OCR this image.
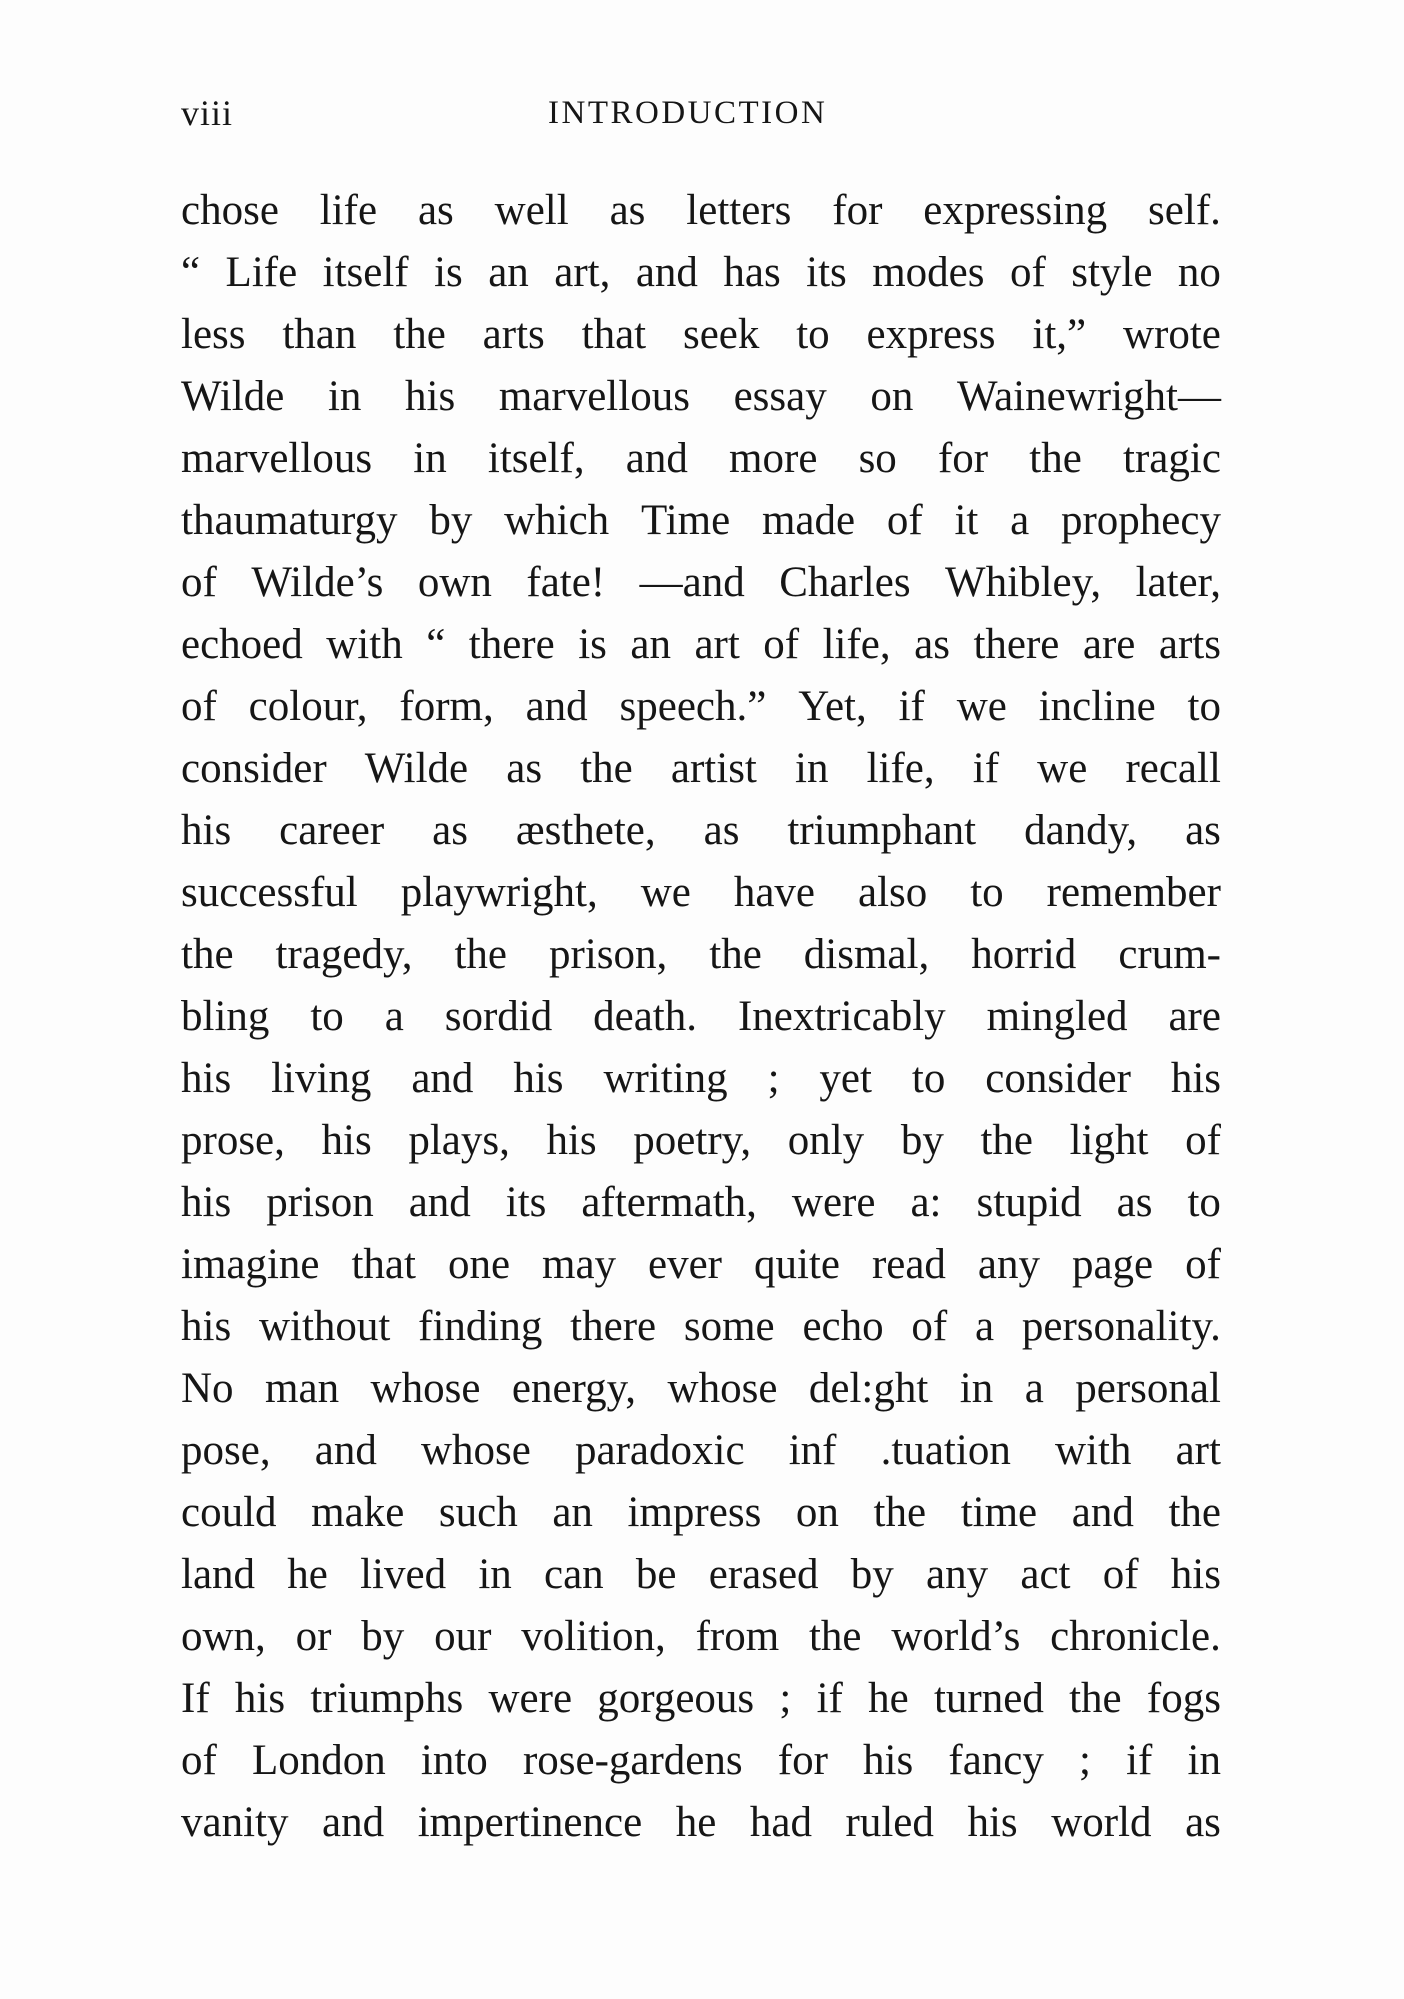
viii	INTRODUCTION
chose life as well as letters for expressing self.
“ Life itself is an art, and has its modes of style no
less than the arts that seek to express it,” wrote
Wilde in his marvellous essay on Wainewright—
marvellous in itself, and more so for the tragic
thaumaturgy by which Time made of it a prophecy
of Wilde’s own fate! —and Charles Whibley, later,
echoed with “ there is an art of life, as there are arts
of colour, form, and speech.” Yet, if we incline to
consider Wilde as the artist in life, if we recall
his career as æsthete, as triumphant dandy, as
successful playwright, we have also to remember
the tragedy, the prison, the dismal, horrid crum-
bling to a sordid death. Inextricably mingled are
his living and his writing ; yet to consider his
prose, his plays, his poetry, only by the light of
his prison and its aftermath, were a: stupid as to
imagine that one may ever quite read any page of
his without finding there some echo of a personality.
No man whose energy, whose del:ght in a personal
pose, and whose paradoxic inf .tuation with art
could make such an impress on the time and the
land he lived in can be erased by any act of his
own, or by our volition, from the world’s chronicle.
If his triumphs were gorgeous ; if he turned the fogs
of London into rose-gardens for his fancy ; if in
vanity and impertinence he had ruled his world as
